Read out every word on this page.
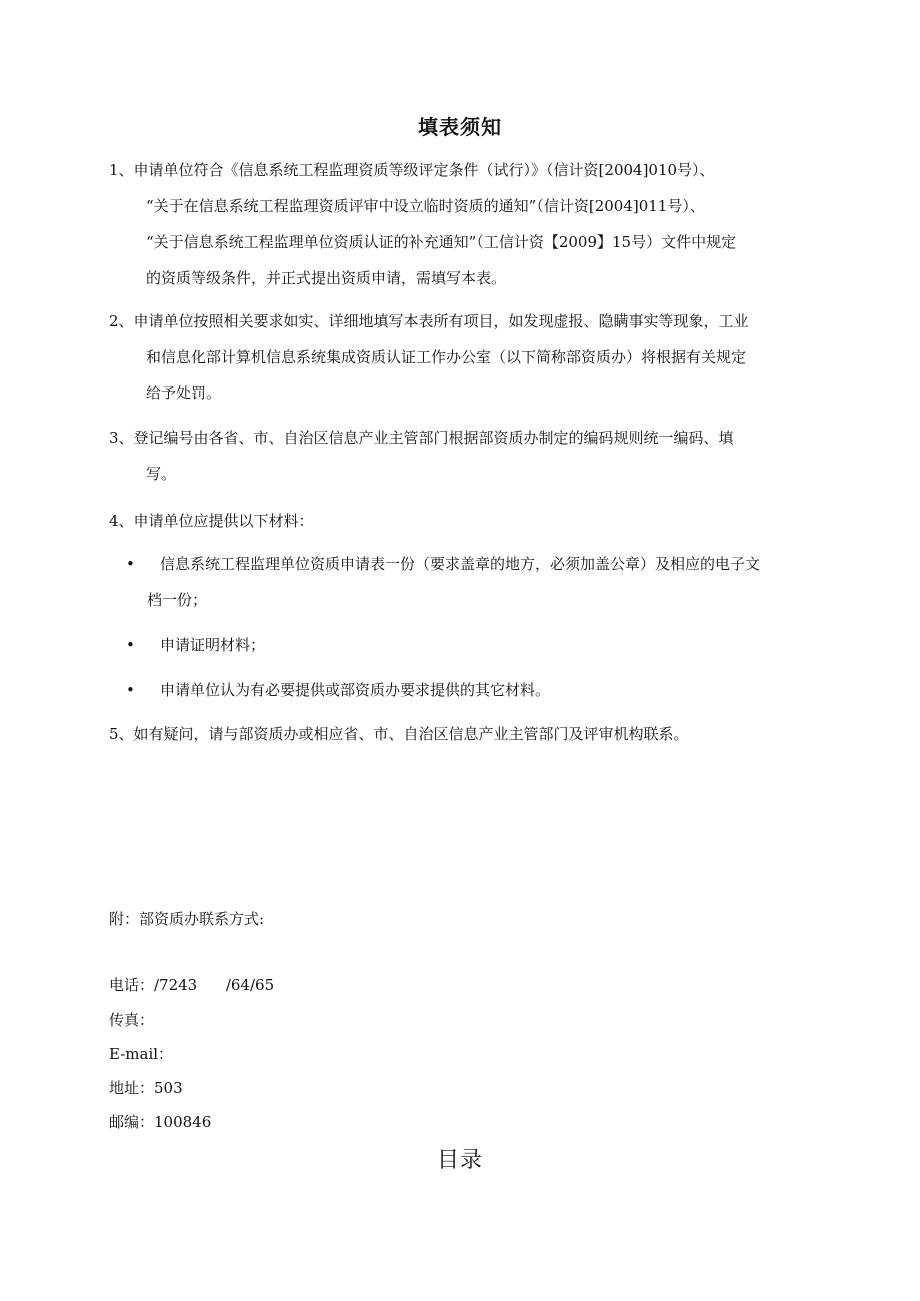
填表须知
1、申请单位符合《信息系统工程监理资质等级评定条件（试行）》（信计资[2004]010号）、
“关于在信息系统工程监理资质评审中设立临时资质的通知”（信计资[2004]011号）、
“关于信息系统工程监理单位资质认证的补充通知”（工信计资【2009】15号）文件中规定
的资质等级条件，并正式提出资质申请，需填写本表。
2、申请单位按照相关要求如实、详细地填写本表所有项目，如发现虚报、隐瞒事实等现象，工业
和信息化部计算机信息系统集成资质认证工作办公室（以下简称部资质办）将根据有关规定
给予处罚。
3、登记编号由各省、市、自治区信息产业主管部门根据部资质办制定的编码规则统一编码、填
写。
4、申请单位应提供以下材料：
•	信息系统工程监理单位资质申请表一份（要求盖章的地方，必须加盖公章）及相应的电子文
档一份；
•	申请证明材料；
•	申请单位认为有必要提供或部资质办要求提供的其它材料。
5、如有疑问，请与部资质办或相应省、市、自治区信息产业主管部门及评审机构联系。
附：部资质办联系方式:
电话：/7243      /64/65
传真：
E-mail：
地址：503
邮编：100846
目录
